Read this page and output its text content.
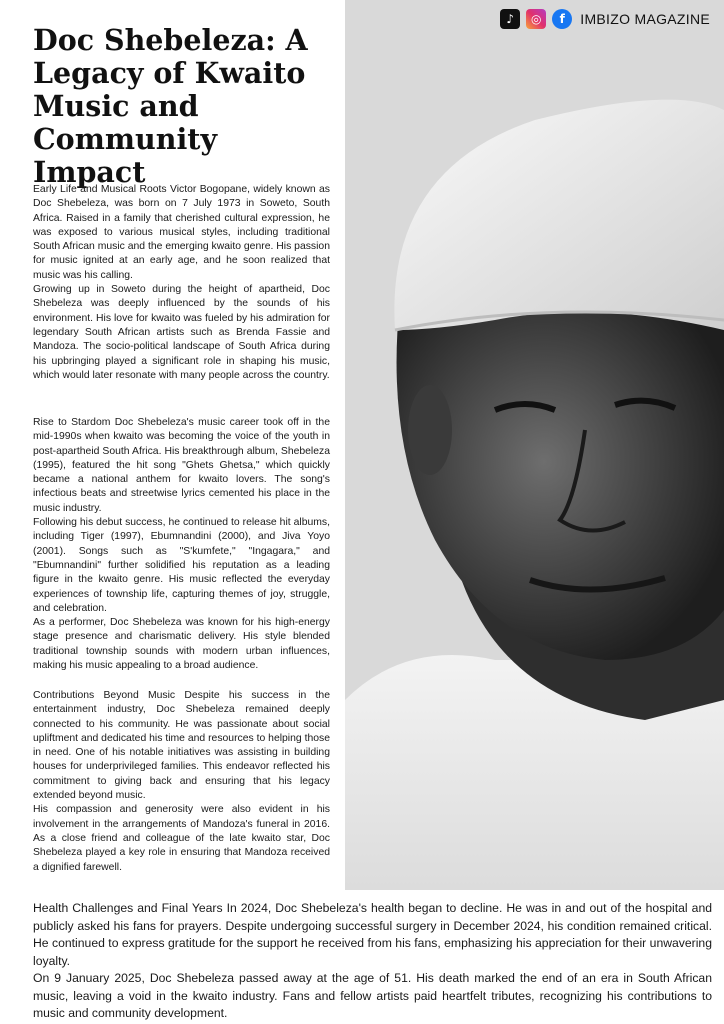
♪	◎	f	IMBIZO MAGAZINE
Doc Shebeleza: A Legacy of Kwaito Music and Community Impact

Early Life and Musical Roots Victor Bogopane, widely known as Doc Shebeleza, was born on 7 July 1973 in Soweto, South Africa. Raised in a family that cherished cultural expression, he was exposed to various musical styles, including traditional South African music and the emerging kwaito genre. His passion for music ignited at an early age, and he soon realized that music was his calling.

Growing up in Soweto during the height of apartheid, Doc Shebeleza was deeply influenced by the sounds of his environment. His love for kwaito was fueled by his admiration for legendary South African artists such as Brenda Fassie and Mandoza. The socio-political landscape of South Africa during his upbringing played a significant role in shaping his music, which would later resonate with many people across the country.

Rise to Stardom Doc Shebeleza's music career took off in the mid-1990s when kwaito was becoming the voice of the youth in post-apartheid South Africa. His breakthrough album, Shebeleza (1995), featured the hit song "Ghets Ghetsa," which quickly became a national anthem for kwaito lovers. The song's infectious beats and streetwise lyrics cemented his place in the music industry.

Following his debut success, he continued to release hit albums, including Tiger (1997), Ebumnandini (2000), and Jiva Yoyo (2001). Songs such as "S'kumfete," "Ingagara," and "Ebumnandini" further solidified his reputation as a leading figure in the kwaito genre. His music reflected the everyday experiences of township life, capturing themes of joy, struggle, and celebration.

As a performer, Doc Shebeleza was known for his high-energy stage presence and charismatic delivery. His style blended traditional township sounds with modern urban influences, making his music appealing to a broad audience.

Contributions Beyond Music Despite his success in the entertainment industry, Doc Shebeleza remained deeply connected to his community. He was passionate about social upliftment and dedicated his time and resources to helping those in need. One of his notable initiatives was assisting in building houses for underprivileged families. This endeavor reflected his commitment to giving back and ensuring that his legacy extended beyond music.

His compassion and generosity were also evident in his involvement in the arrangements of Mandoza's funeral in 2016. As a close friend and colleague of the late kwaito star, Doc Shebeleza played a key role in ensuring that Mandoza received a dignified farewell.

Health Challenges and Final Years In 2024, Doc Shebeleza's health began to decline. He was in and out of the hospital and publicly asked his fans for prayers. Despite undergoing successful surgery in December 2024, his condition remained critical. He continued to express gratitude for the support he received from his fans, emphasizing his appreciation for their unwavering loyalty.

On 9 January 2025, Doc Shebeleza passed away at the age of 51. His death marked the end of an era in South African music, leaving a void in the kwaito industry. Fans and fellow artists paid heartfelt tributes, recognizing his contributions to music and community development.
